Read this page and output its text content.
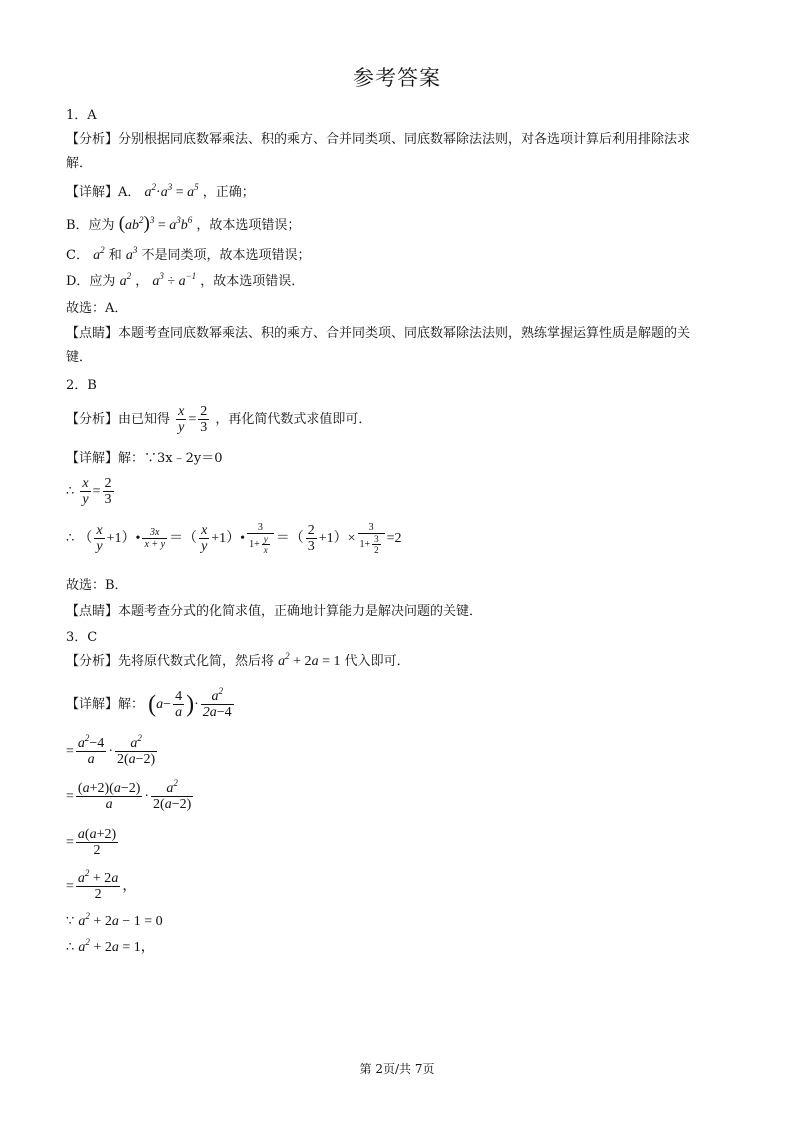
参考答案
1．A
【分析】分别根据同底数幂乘法、积的乘方、合并同类项、同底数幂除法法则，对各选项计算后利用排除法求解．
【详解】A． $a^2\cdot a^3 = a^5$ ，正确；
B．应为 $(ab^2)^3 = a^3b^6$ ，故本选项错误；
C． $a^2$ 和 $a^3$ 不是同类项，故本选项错误；
D．应为 $a^2$ ， $a^3 \div a^{-1}$ ，故本选项错误．
故选：A．
【点睛】本题考查同底数幂乘法、积的乘方、合并同类项、同底数幂除法法则，熟练掌握运算性质是解题的关键．
2．B
【分析】由已知得 $\frac{x}{y} = \frac{2}{3}$ ，再化简代数式求值即可．
【详解】解：∵3x﹣2y＝0
∴ $\frac{x}{y} = \frac{2}{3}$
∴ （ $\frac{x}{y}$ +1）• $\frac{3x}{x + y}$ ＝（ $\frac{x}{y}$ +1）• $\frac{3}{1+ \frac{y}{x}}$ ＝（ $\frac{2}{3} +1)\times \frac{3}{1+ \frac{3}{2}} =2$
故选：B．
【点睛】本题考查分式的化简求值，正确地计算能力是解决问题的关键．
3．C
【分析】先将原代数式化简，然后将 $a^2 + 2a = 1$ 代入即可．
【详解】解： ($a- \frac{4}{a}$ )· $\frac{a^2}{2a-4}$
= $\frac{a^2-4}{a} \cdot \frac{a^2}{2(a-2)}$
= $\frac{(a+2)(a-2)}{a} \cdot \frac{a^2}{2(a-2)}$
= $\frac{a(a+2)}{2}$
= $\frac{a^2 + 2a}{2}$ ，
∵ $a^2 + 2a - 1 = 0$
∴ $a^2 + 2a = 1$，
第 2页/共 7页
